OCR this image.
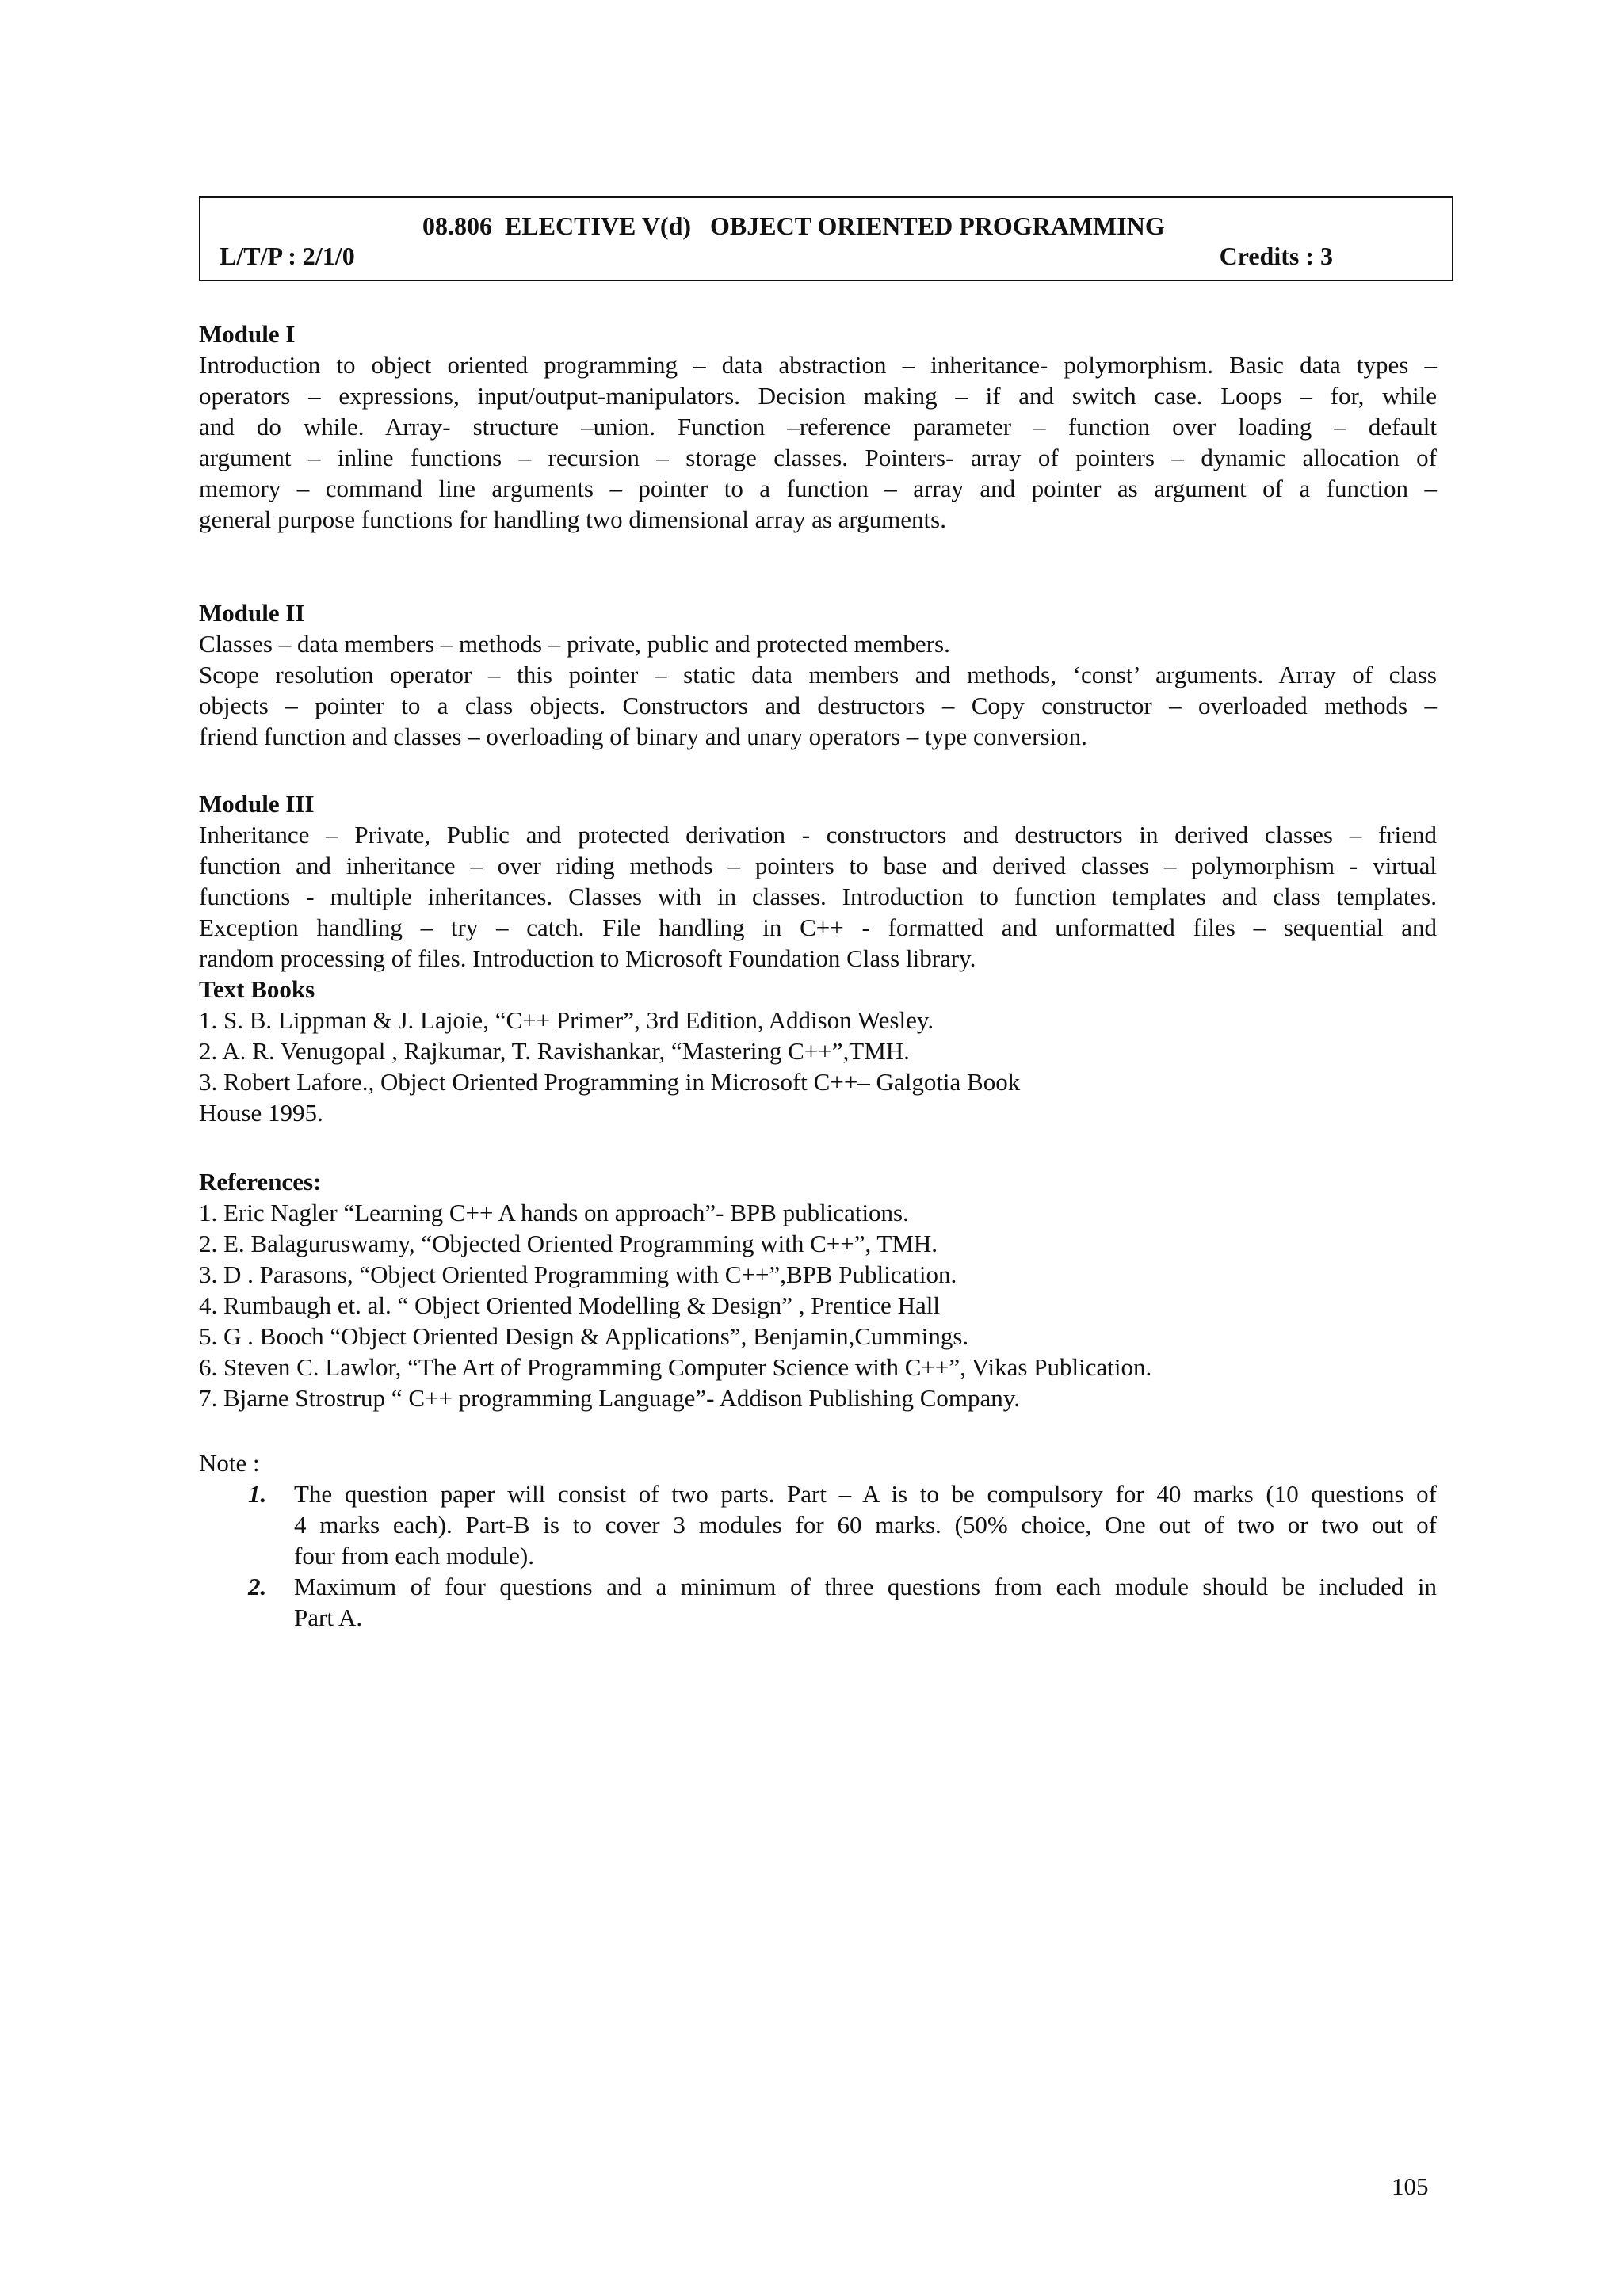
08.806  ELECTIVE V(d)   OBJECT ORIENTED PROGRAMMING
L/T/P : 2/1/0	Credits : 3
Module I
Introduction to object oriented programming – data abstraction – inheritance- polymorphism. Basic data types –
operators – expressions, input/output-manipulators. Decision making – if and switch case. Loops – for, while
and do while. Array- structure –union. Function –reference parameter – function over loading – default
argument – inline functions – recursion – storage classes. Pointers- array of pointers – dynamic allocation of
memory – command line arguments – pointer to a function – array and pointer as argument of a function –
general purpose functions for handling two dimensional array as arguments.
Module II
Classes – data members – methods – private, public and protected members.
Scope resolution operator – this pointer – static data members and methods, ‘const’ arguments. Array of class
objects – pointer to a class objects. Constructors and destructors – Copy constructor – overloaded methods –
friend function and classes – overloading of binary and unary operators – type conversion.
Module III
Inheritance – Private, Public and protected derivation - constructors and destructors in derived classes – friend
function and inheritance – over riding methods – pointers to base and derived classes – polymorphism - virtual
functions - multiple inheritances. Classes with in classes. Introduction to function templates and class templates.
Exception handling – try – catch. File handling in C++ - formatted and unformatted files – sequential and
random processing of files. Introduction to Microsoft Foundation Class library.
Text Books
1. S. B. Lippman & J. Lajoie, “C++ Primer”, 3rd Edition, Addison Wesley.
2. A. R. Venugopal , Rajkumar, T. Ravishankar, “Mastering C++”,TMH.
3. Robert Lafore., Object Oriented Programming in Microsoft C++– Galgotia Book
House 1995.
References:
1. Eric Nagler “Learning C++ A hands on approach”- BPB publications.
2. E. Balaguruswamy, “Objected Oriented Programming with C++”, TMH.
3. D . Parasons, “Object Oriented Programming with C++”,BPB Publication.
4. Rumbaugh et. al. “ Object Oriented Modelling & Design” , Prentice Hall
5. G . Booch “Object Oriented Design & Applications”, Benjamin,Cummings.
6. Steven C. Lawlor, “The Art of Programming Computer Science with C++”, Vikas Publication.
7. Bjarne Strostrup “ C++ programming Language”- Addison Publishing Company.
Note :
1. The question paper will consist of two parts. Part – A is to be compulsory for 40 marks (10 questions of
4 marks each). Part-B is to cover 3 modules for 60 marks. (50% choice, One out of two or two out of
four from each module).
2. Maximum of four questions and a minimum of three questions from each module should be included in
Part A.
105
